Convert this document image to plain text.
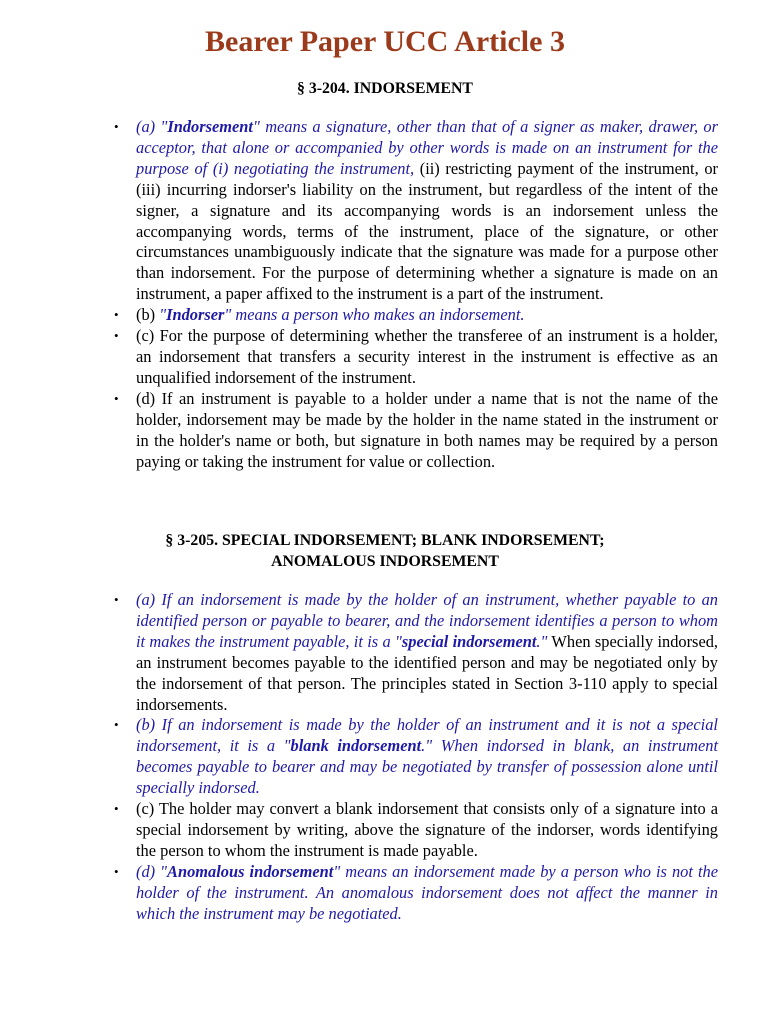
Bearer Paper UCC Article 3
§ 3-204. INDORSEMENT
• (a) "Indorsement" means a signature, other than that of a signer as maker, drawer, or acceptor, that alone or accompanied by other words is made on an instrument for the purpose of (i) negotiating the instrument, (ii) restricting payment of the instrument, or (iii) incurring indorser's liability on the instrument, but regardless of the intent of the signer, a signature and its accompanying words is an indorsement unless the accompanying words, terms of the instrument, place of the signature, or other circumstances unambiguously indicate that the signature was made for a purpose other than indorsement. For the purpose of determining whether a signature is made on an instrument, a paper affixed to the instrument is a part of the instrument.
• (b) "Indorser" means a person who makes an indorsement.
• (c) For the purpose of determining whether the transferee of an instrument is a holder, an indorsement that transfers a security interest in the instrument is effective as an unqualified indorsement of the instrument.
• (d) If an instrument is payable to a holder under a name that is not the name of the holder, indorsement may be made by the holder in the name stated in the instrument or in the holder's name or both, but signature in both names may be required by a person paying or taking the instrument for value or collection.
§ 3-205. SPECIAL INDORSEMENT; BLANK INDORSEMENT;
ANOMALOUS INDORSEMENT
• (a) If an indorsement is made by the holder of an instrument, whether payable to an identified person or payable to bearer, and the indorsement identifies a person to whom it makes the instrument payable, it is a "special indorsement." When specially indorsed, an instrument becomes payable to the identified person and may be negotiated only by the indorsement of that person. The principles stated in Section 3-110 apply to special indorsements.
• (b) If an indorsement is made by the holder of an instrument and it is not a special indorsement, it is a "blank indorsement." When indorsed in blank, an instrument becomes payable to bearer and may be negotiated by transfer of possession alone until specially indorsed.
• (c) The holder may convert a blank indorsement that consists only of a signature into a special indorsement by writing, above the signature of the indorser, words identifying the person to whom the instrument is made payable.
• (d) "Anomalous indorsement" means an indorsement made by a person who is not the holder of the instrument. An anomalous indorsement does not affect the manner in which the instrument may be negotiated.
